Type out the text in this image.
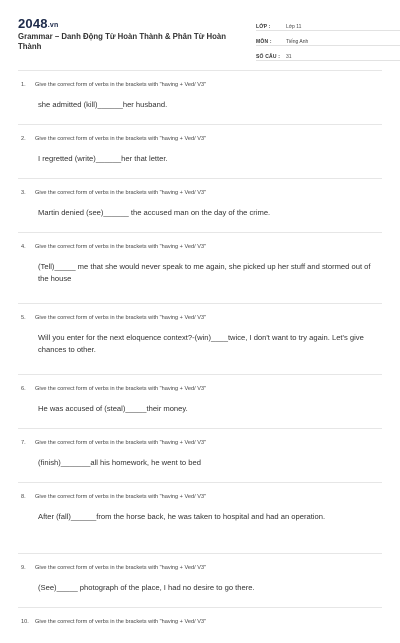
2048.vn
Grammar – Danh Động Từ Hoàn Thành & Phân Từ Hoàn Thành
LỚP :	Lớp 11
MÔN :	Tiếng Anh
SỐ CÂU :	31
1.	Give the correct form of verbs in the brackets with "having + Ved/ V3"
she admitted (kill)______her husband.
2.	Give the correct form of verbs in the brackets with "having + Ved/ V3"
I regretted (write)______her that letter.
3.	Give the correct form of verbs in the brackets with "having + Ved/ V3"
Martin denied (see)______ the accused man on the day of the crime.
4.	Give the correct form of verbs in the brackets with "having + Ved/ V3"
(Tell)_____ me that she would never speak to me again, she picked up her stuff and stormed out of the house
5.	Give the correct form of verbs in the brackets with "having + Ved/ V3"
Will you enter for the next eloquence context?-(win)____twice, I don't want to try again. Let's give chances to other.
6.	Give the correct form of verbs in the brackets with "having + Ved/ V3"
He was accused of (steal)_____their money.
7.	Give the correct form of verbs in the brackets with "having + Ved/ V3"
(finish)_______all his homework, he went to bed
8.	Give the correct form of verbs in the brackets with "having + Ved/ V3"
After (fall)______from the horse back, he was taken to hospital and had an operation.
9.	Give the correct form of verbs in the brackets with "having + Ved/ V3"
(See)_____ photograph of the place, I had no desire to go there.
10.	Give the correct form of verbs in the brackets with "having + Ved/ V3"
